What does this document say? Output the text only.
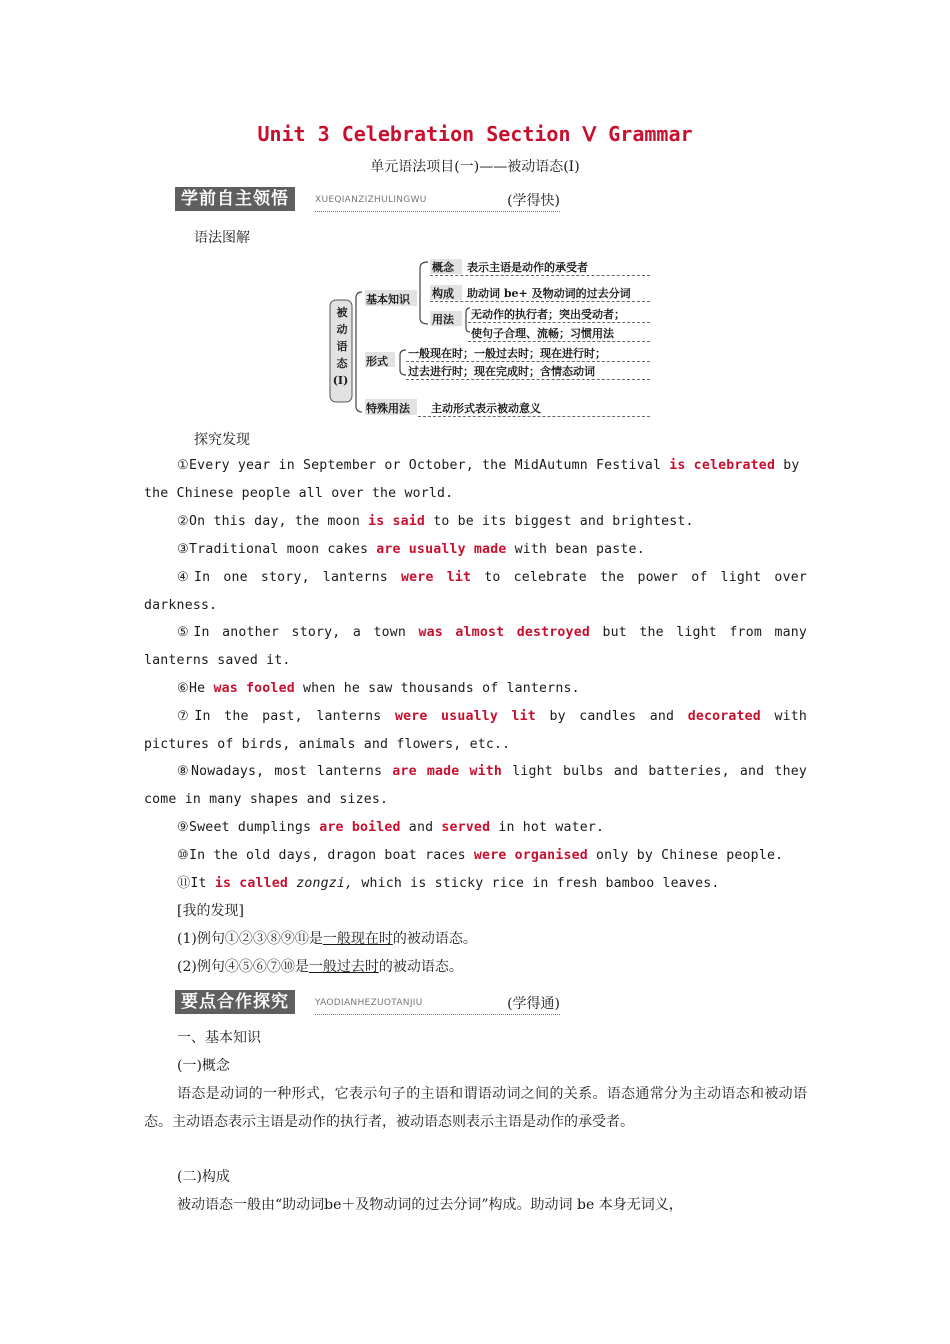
Unit 3 Celebration Section Ⅴ Grammar
单元语法项目(一)——被动语态(Ⅰ)
学前自主领悟	XUEQIANZIZHULINGWU	(学得快)
语法图解
被
动
语
态
(Ⅰ)
基本知识
形式
特殊用法
概念 表示主语是动作的承受者
构成 助动词 be+ 及物动词的过去分词
用法 无动作的执行者；突出受动者；
使句子合理、流畅；习惯用法
一般现在时；一般过去时；现在进行时；
过去进行时；现在完成时；含情态动词
主动形式表示被动意义
探究发现
①Every year in September or October, the MidAutumn Festival is celebrated by the Chinese people all over the world.
②On this day, the moon is said to be its biggest and brightest.
③Traditional moon cakes are usually made with bean paste.
④In one story, lanterns were lit to celebrate the power of light over darkness.
⑤In another story, a town was almost destroyed but the light from many lanterns saved it.
⑥He was fooled when he saw thousands of lanterns.
⑦In the past, lanterns were usually lit by candles and decorated with pictures of birds, animals and flowers, etc..
⑧Nowadays, most lanterns are made with light bulbs and batteries, and they come in many shapes and sizes.
⑨Sweet dumplings are boiled and served in hot water.
⑩In the old days, dragon boat races were organised only by Chinese people.
⑪It is called zongzi, which is sticky rice in fresh bamboo leaves.
[我的发现]
(1)例句①②③⑧⑨⑪是一般现在时的被动语态。
(2)例句④⑤⑥⑦⑩是一般过去时的被动语态。
要点合作探究	YAODIANHEZUOTANJIU	(学得通)
一、基本知识
(一)概念
语态是动词的一种形式，它表示句子的主语和谓语动词之间的关系。语态通常分为主动语态和被动语态。主动语态表示主语是动作的执行者，被动语态则表示主语是动作的承受者。
(二)构成
被动语态一般由“助动词be＋及物动词的过去分词”构成。助动词 be 本身无词义，
